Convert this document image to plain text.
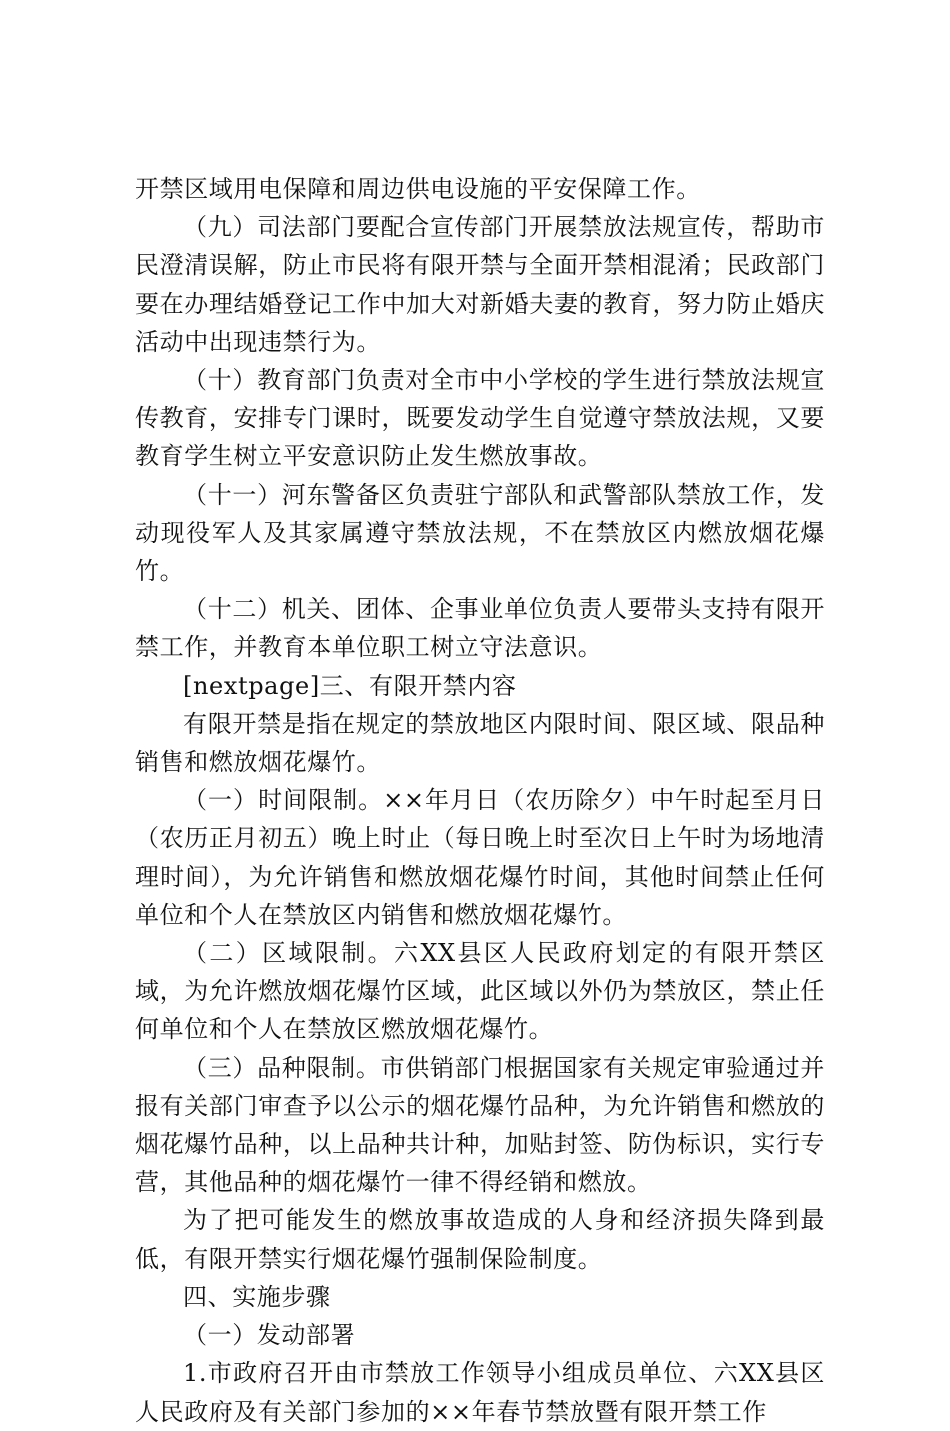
开禁区域用电保障和周边供电设施的平安保障工作。

（九）司法部门要配合宣传部门开展禁放法规宣传，帮助市民澄清误解，防止市民将有限开禁与全面开禁相混淆；民政部门要在办理结婚登记工作中加大对新婚夫妻的教育，努力防止婚庆活动中出现违禁行为。

（十）教育部门负责对全市中小学校的学生进行禁放法规宣传教育，安排专门课时，既要发动学生自觉遵守禁放法规，又要教育学生树立平安意识防止发生燃放事故。

（十一）河东警备区负责驻宁部队和武警部队禁放工作，发动现役军人及其家属遵守禁放法规，不在禁放区内燃放烟花爆竹。

（十二）机关、团体、企事业单位负责人要带头支持有限开禁工作，并教育本单位职工树立守法意识。

[nextpage]三、有限开禁内容

有限开禁是指在规定的禁放地区内限时间、限区域、限品种销售和燃放烟花爆竹。

（一）时间限制。××年月日（农历除夕）中午时起至月日（农历正月初五）晚上时止（每日晚上时至次日上午时为场地清理时间），为允许销售和燃放烟花爆竹时间，其他时间禁止任何单位和个人在禁放区内销售和燃放烟花爆竹。

（二）区域限制。六XX县区人民政府划定的有限开禁区域，为允许燃放烟花爆竹区域，此区域以外仍为禁放区，禁止任何单位和个人在禁放区燃放烟花爆竹。

（三）品种限制。市供销部门根据国家有关规定审验通过并报有关部门审查予以公示的烟花爆竹品种，为允许销售和燃放的烟花爆竹品种，以上品种共计种，加贴封签、防伪标识，实行专营，其他品种的烟花爆竹一律不得经销和燃放。

为了把可能发生的燃放事故造成的人身和经济损失降到最低，有限开禁实行烟花爆竹强制保险制度。

四、实施步骤

（一）发动部署

1.市政府召开由市禁放工作领导小组成员单位、六XX县区人民政府及有关部门参加的××年春节禁放暨有限开禁工作
